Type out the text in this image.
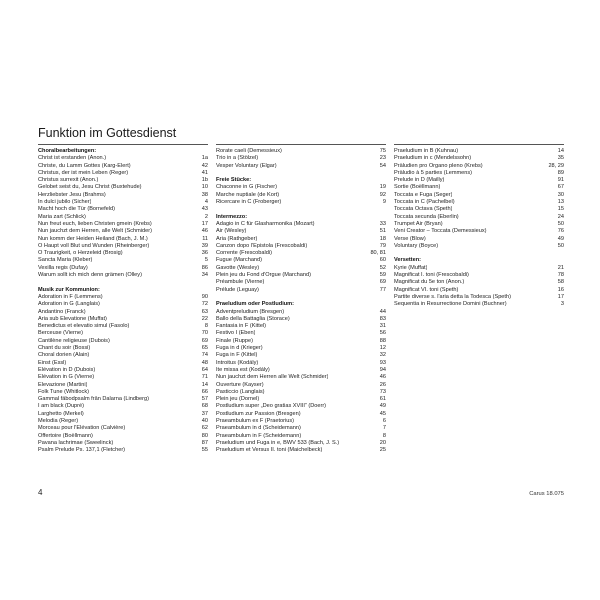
Funktion im Gottesdienst
Choralbearbeitungen:
Christ ist erstanden (Anon.)	1a
Christe, du Lamm Gottes (Karg-Elert)	42
Christus, der ist mein Leben (Reger)	41
Christus surrexit (Anon.)	1b
Gelobet seist du, Jesu Christ (Buxtehude)	10
Herzliebster Jesu (Brahms)	38
In dulci jubilo (Sicher)	4
Macht hoch die Tür (Bornefeld)	43
Maria zart (Schlick)	2
Nun freut euch, lieben Christen gmein (Krebs)	17
Nun jauchzt dem Herren, alle Welt (Schmider)	46
Nun komm der Heiden Heiland (Bach, J. M.)	11
O Haupt voll Blut und Wunden (Rheinberger)	39
O Traurigkeit, o Herzeleid (Brosig)	36
Sancta Maria (Kleber)	5
Vexilla regis (Dufay)	86
Warum sollt ich mich denn grämen (Olley)	34
Musik zur Kommunion:
Adoration in F (Lemmens)	90
Adoration in G (Langlais)	72
Andantino (Franck)	63
Aria sub Elevatione (Muffat)	22
Benedictus et elevatio simul (Fasolo)	8
Berceuse (Vierne)	70
Cantilène religieuse (Dubois)	69
Chant du soir (Bossi)	65
Choral dorien (Alain)	74
Einst (Essl)	48
Élévation in D (Dubois)	64
Élévation in G (Vierne)	71
Elevazione (Martini)	14
Folk Tune (Whitlock)	66
Gammal fäbodpsalm från Dalarna (Lindberg)	57
I am black (Dupré)	68
Larghetto (Merkel)	37
Melodia (Reger)	40
Morceau pour l'Élévation (Calvière)	62
Offertoire (Boëllmann)	80
Pavana lachrimae (Sweelinck)	87
Psalm Prelude Ps. 137,1 (Fletcher)	55
Rorate caeli (Demessieux)	75
Trio in a (Stölzel)	23
Vesper Voluntary (Elgar)	54
Freie Stücke:
Chaconne in G (Fischer)	19
Marche nuptiale (de Kort)	92
Ricercare in C (Froberger)	9
Intermezzo:
Adagio in C für Glasharmonika (Mozart)	33
Air (Wesley)	51
Aria (Rathgeber)	18
Canzon dopo l'Epistola (Frescobaldi)	79
Corrente (Frescobaldi)	80, 81
Fugue (Marchand)	60
Gavotte (Wesley)	52
Plein jeu du Fond d'Orgue (Marchand)	59
Préambule (Vierne)	69
Prélude (Leguay)	77
Praeludium oder Postludium:
Adventpreludium (Bresgen)	44
Ballo della Battaglia (Storace)	83
Fantasia in F (Kittel)	31
Festivo I (Eben)	56
Finale (Ruppe)	88
Fuga in d (Krieger)	12
Fuga in F (Kittel)	32
Introitus (Kodály)	93
Ite missa est (Kodály)	94
Nun jauchzt dem Herren alle Welt (Schmider)	46
Ouverture (Kayser)	26
Pasticcio (Langlais)	73
Plein jeu (Dornel)	61
Postludium super „Deo gratias XVIII“ (Doerr)	49
Postludium zur Passion (Bresgen)	45
Praeambulum ex F (Praetorius)	6
Praeambulum in d (Scheidemann)	7
Praeambulum in F (Scheidemann)	8
Praeludium und Fuga in e, BWV 533 (Bach, J. S.)	20
Praeludium et Versus II. toni (Maichelbeck)	25
Praeludium in B (Kuhnau)	14
Praeludium in c (Mendelssohn)	35
Präludien pro Organo pleno (Krebs)	28, 29
Präludio à 5 parties (Lemmens)	89
Prelude in D (Mailly)	91
Sortie (Boëllmann)	67
Toccata e Fuga (Seger)	30
Toccata in C (Pachelbel)	13
Toccata Octava (Speth)	15
Toccata secunda (Eberlin)	24
Trumpet Air (Bryan)	50
Veni Creator – Toccata (Demessieux)	76
Verse (Blow)	49
Voluntary (Boyce)	50
Versetten:
Kyrie (Muffat)	21
Magnificat I. toni (Frescobaldi)	78
Magnificat du 5e ton (Anon.)	58
Magnificat VI. toni (Speth)	16
Partite diverse s. l'aria detta la Todesca (Speth)	17
Sequentia in Resurrectione Domini (Buchner)	3
4	Carus 18.075
